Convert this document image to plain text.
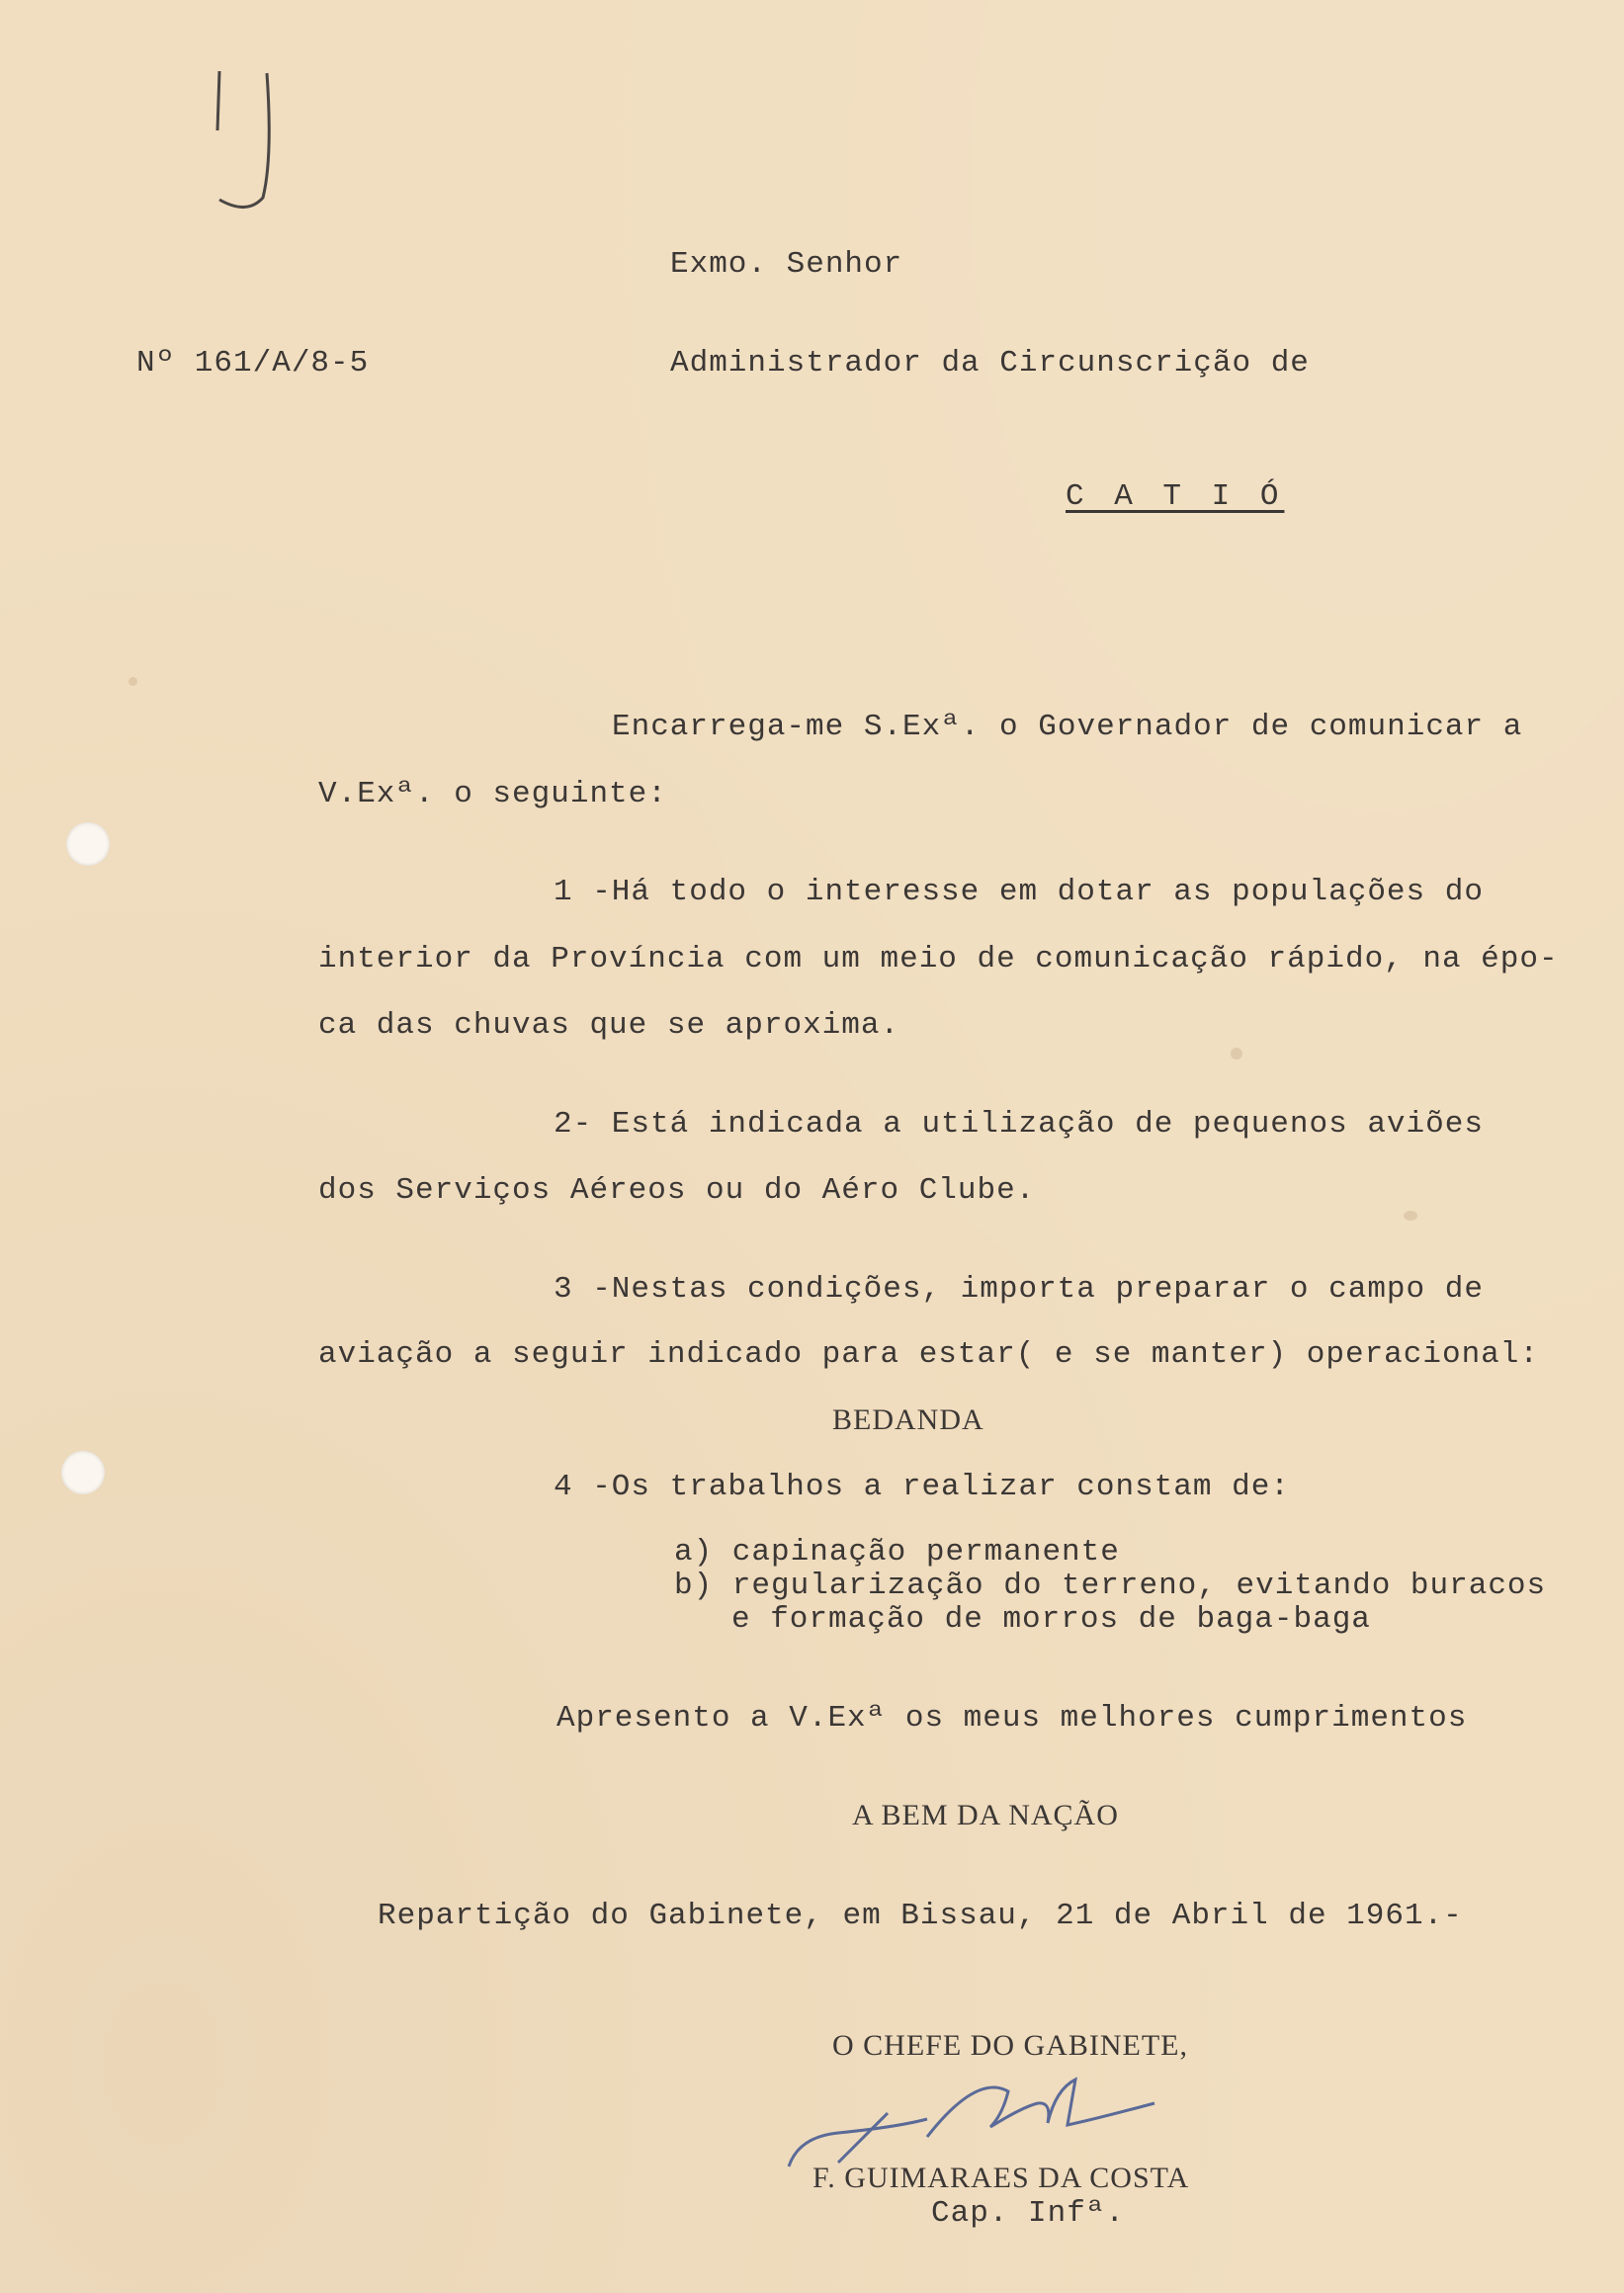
Exmo. Senhor
Nº 161/A/8-5	Administrador da Circunscrição de
C A T I Ó
Encarrega-me S.Exª. o Governador de comunicar a
V.Exª. o seguinte:
1 -Há todo o interesse em dotar as populações do
interior da Província com um meio de comunicação rápido, na épo-
ca das chuvas que se aproxima.
2- Está indicada a utilização de pequenos aviões
dos Serviços Aéreos ou do Aéro Clube.
3 -Nestas condições, importa preparar o campo de
aviação a seguir indicado para estar( e se manter) operacional:
BEDANDA
4 -Os trabalhos a realizar constam de:
a) capinação permanente
b) regularização do terreno, evitando buracos
e formação de morros de baga-baga
Apresento a V.Exª os meus melhores cumprimentos
A BEM DA NAÇÃO
Repartição do Gabinete, em Bissau, 21 de Abril de 1961.-
O CHEFE DO GABINETE,
F. GUIMARAES DA COSTA
Cap. Infª.
